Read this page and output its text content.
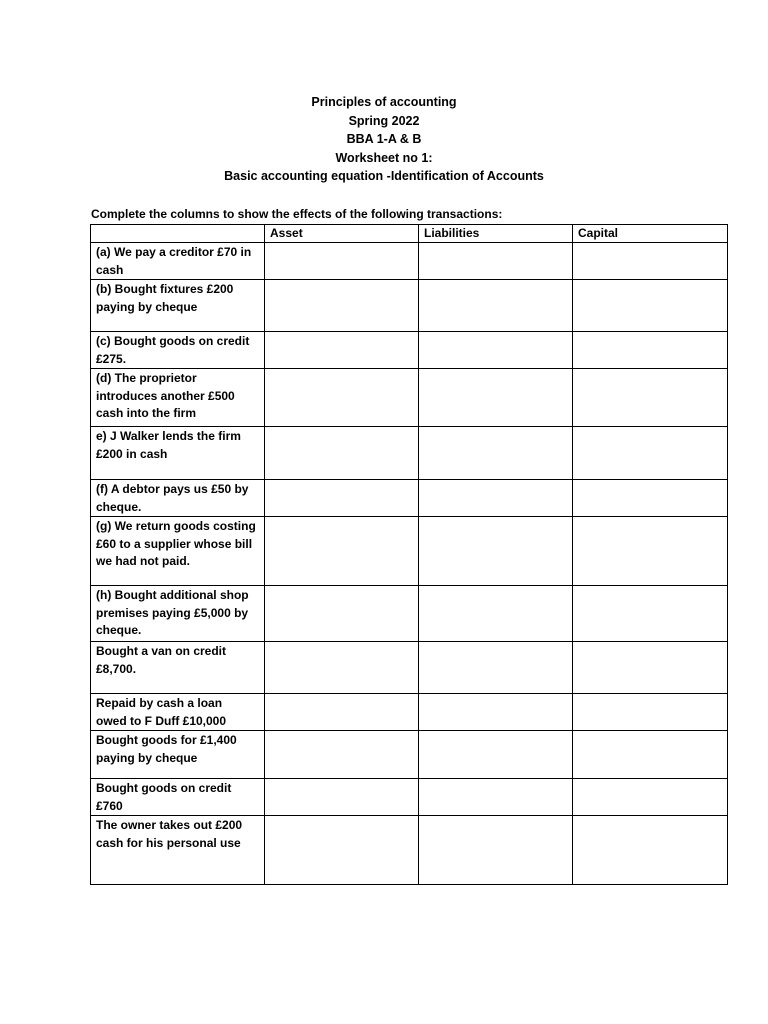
Principles of accounting
Spring 2022
BBA 1-A & B
Worksheet no 1:
Basic accounting equation -Identification of Accounts
Complete the columns to show the effects of the following transactions:
	Asset	Liabilities	Capital
(a) We pay a creditor £70 in cash			
(b) Bought fixtures £200 paying by cheque			
(c) Bought goods on credit £275.			
(d) The proprietor introduces another £500 cash into the firm			
e) J Walker lends the firm £200 in cash			
(f) A debtor pays us £50 by cheque.			
(g) We return goods costing £60 to a supplier whose bill we had not paid.			
(h) Bought additional shop premises paying £5,000 by cheque.			
Bought a van on credit £8,700.			
Repaid by cash a loan owed to F Duff £10,000			
Bought goods for £1,400 paying by cheque			
Bought goods on credit £760			
The owner takes out £200 cash for his personal use			
